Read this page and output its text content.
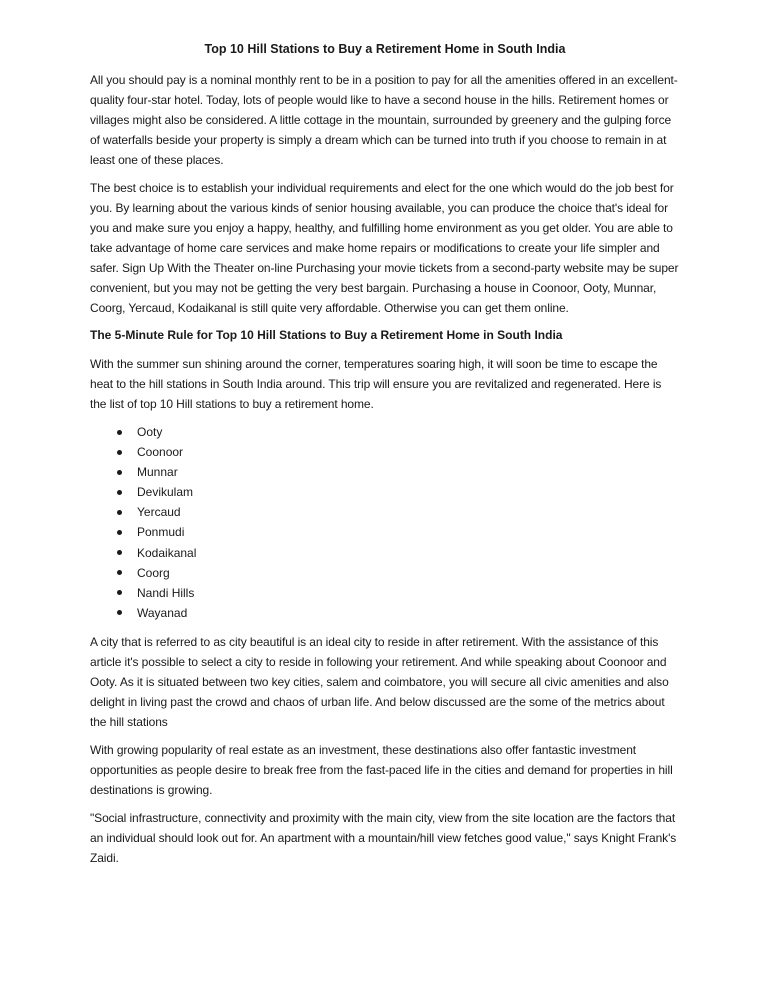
Top 10 Hill Stations to Buy a Retirement Home in South India

All you should pay is a nominal monthly rent to be in a position to pay for all the amenities offered in an excellent-quality four-star hotel. Today, lots of people would like to have a second house in the hills. Retirement homes or villages might also be considered. A little cottage in the mountain, surrounded by greenery and the gulping force of waterfalls beside your property is simply a dream which can be turned into truth if you choose to remain in at least one of these places.

The best choice is to establish your individual requirements and elect for the one which would do the job best for you. By learning about the various kinds of senior housing available, you can produce the choice that's ideal for you and make sure you enjoy a happy, healthy, and fulfilling home environment as you get older. You are able to take advantage of home care services and make home repairs or modifications to create your life simpler and safer. Sign Up With the Theater on-line Purchasing your movie tickets from a second-party website may be super convenient, but you may not be getting the very best bargain. Purchasing a house in Coonoor, Ooty, Munnar, Coorg, Yercaud, Kodaikanal is still quite very affordable. Otherwise you can get them online.

The 5-Minute Rule for Top 10 Hill Stations to Buy a Retirement Home in South India

With the summer sun shining around the corner, temperatures soaring high, it will soon be time to escape the heat to the hill stations in South India around. This trip will ensure you are revitalized and regenerated. Here is the list of top 10 Hill stations to buy a retirement home.

Ooty
Coonoor
Munnar
Devikulam
Yercaud
Ponmudi
Kodaikanal
Coorg
Nandi Hills
Wayanad

A city that is referred to as city beautiful is an ideal city to reside in after retirement. With the assistance of this article it's possible to select a city to reside in following your retirement. And while speaking about Coonoor and Ooty. As it is situated between two key cities, salem and coimbatore, you will secure all civic amenities and also delight in living past the crowd and chaos of urban life. And below discussed are the some of the metrics about the hill stations

With growing popularity of real estate as an investment, these destinations also offer fantastic investment opportunities as people desire to break free from the fast-paced life in the cities and demand for properties in hill destinations is growing.

"Social infrastructure, connectivity and proximity with the main city, view from the site location are the factors that an individual should look out for. An apartment with a mountain/hill view fetches good value," says Knight Frank's Zaidi.
